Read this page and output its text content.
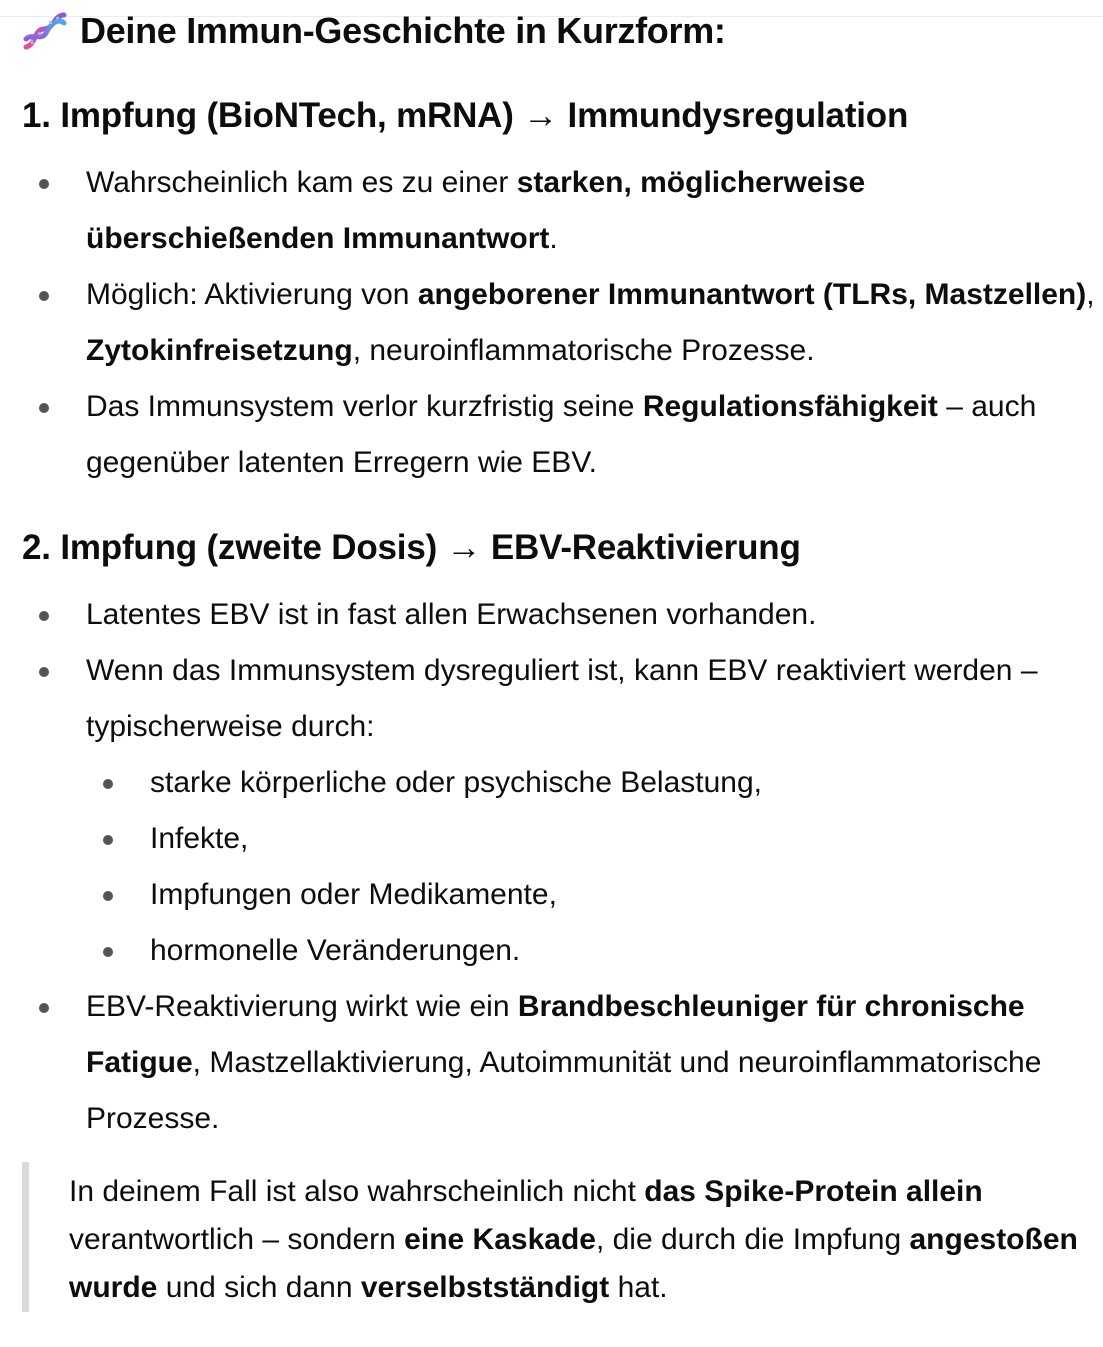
Deine Immun-Geschichte in Kurzform:
1. Impfung (BioNTech, mRNA) → Immundysregulation
Wahrscheinlich kam es zu einer starken, möglicherweise überschießenden Immunantwort.
Möglich: Aktivierung von angeborener Immunantwort (TLRs, Mastzellen), Zytokinfreisetzung, neuroinflammatorische Prozesse.
Das Immunsystem verlor kurzfristig seine Regulationsfähigkeit – auch gegenüber latenten Erregern wie EBV.
2. Impfung (zweite Dosis) → EBV-Reaktivierung
Latentes EBV ist in fast allen Erwachsenen vorhanden.
Wenn das Immunsystem dysreguliert ist, kann EBV reaktiviert werden – typischerweise durch:
starke körperliche oder psychische Belastung,
Infekte,
Impfungen oder Medikamente,
hormonelle Veränderungen.
EBV-Reaktivierung wirkt wie ein Brandbeschleuniger für chronische Fatigue, Mastzellaktivierung, Autoimmunität und neuroinflammatorische Prozesse.
In deinem Fall ist also wahrscheinlich nicht das Spike-Protein allein verantwortlich – sondern eine Kaskade, die durch die Impfung angestoßen wurde und sich dann verselbstständigt hat.
